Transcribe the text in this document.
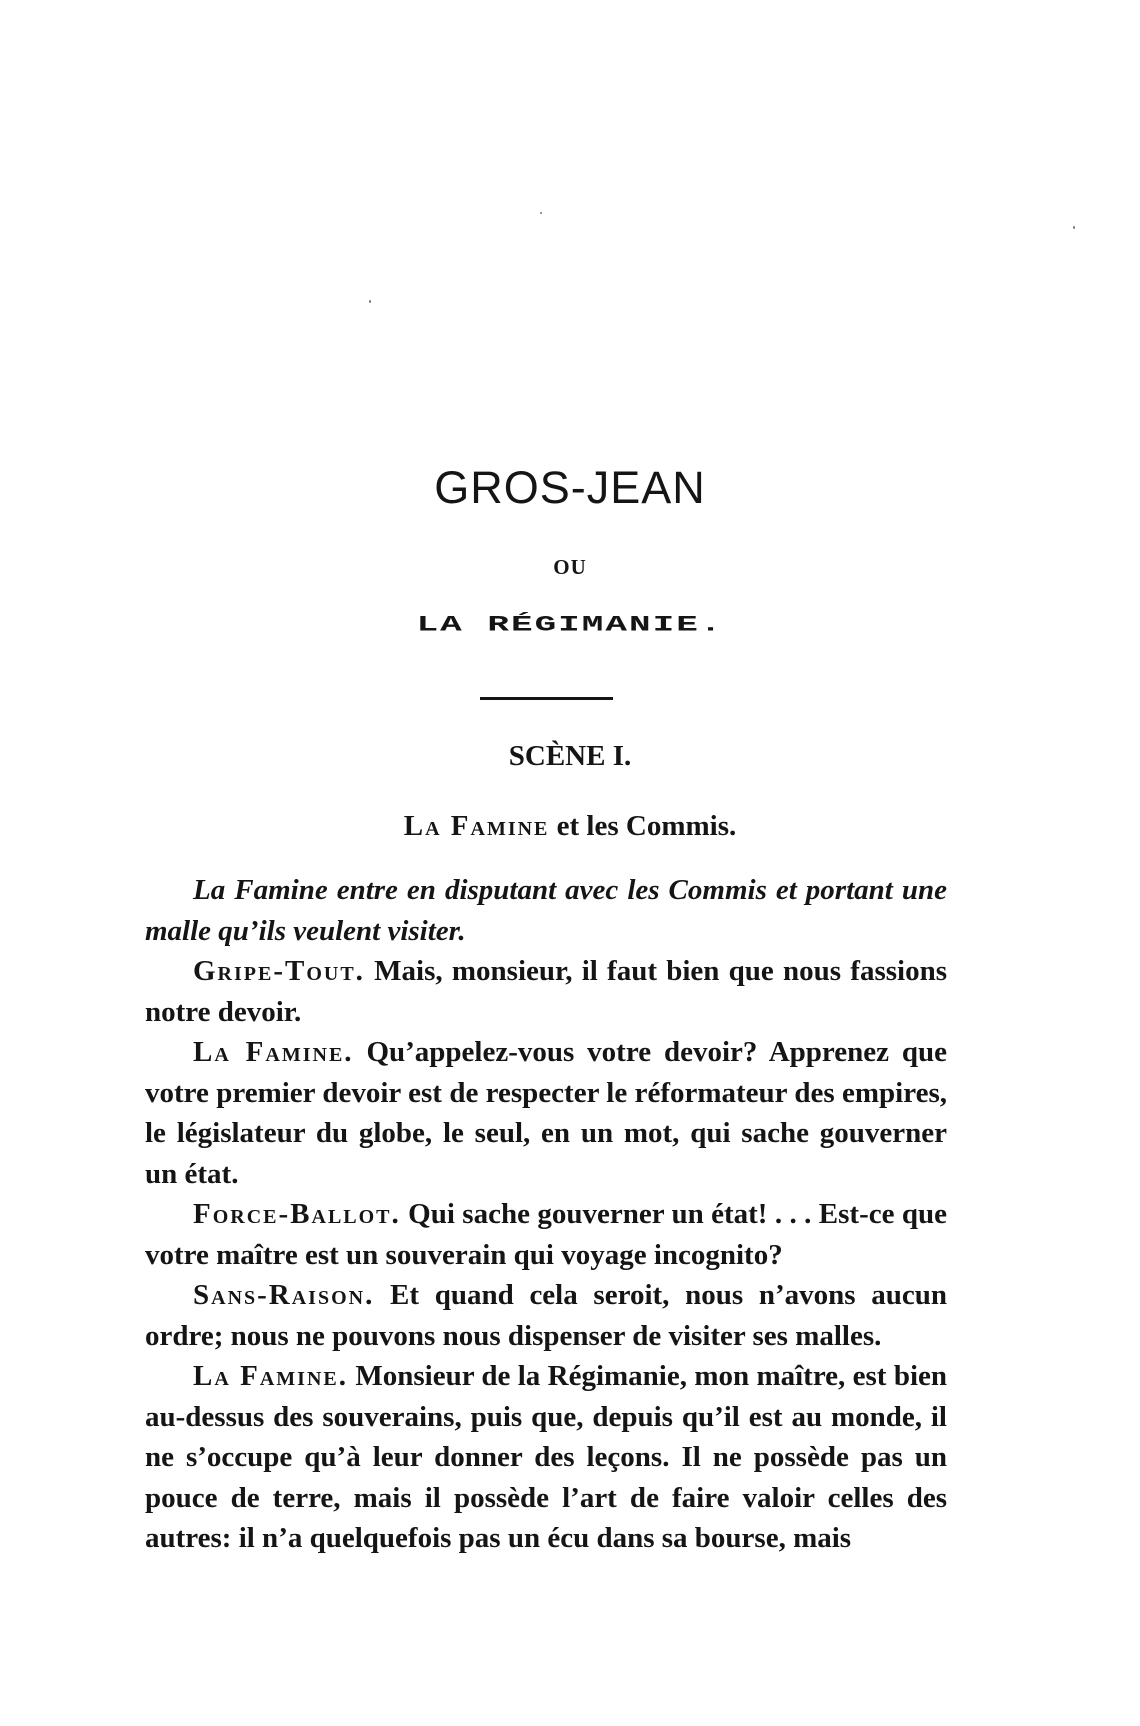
GROS-JEAN
OU
LA RÉGIMANIE.
SCÈNE I.
La Famine et les Commis.

La Famine entre en disputant avec les Commis et portant une malle qu’ils veulent visiter.

Gripe-Tout. Mais, monsieur, il faut bien que nous fassions notre devoir.

La Famine. Qu’appelez-vous votre devoir? Apprenez que votre premier devoir est de respecter le réformateur des empires, le législateur du globe, le seul, en un mot, qui sache gouverner un état.

Force-Ballot. Qui sache gouverner un état! . . . Est-ce que votre maître est un souverain qui voyage incognito?

Sans-Raison. Et quand cela seroit, nous n’avons aucun ordre; nous ne pouvons nous dispenser de visiter ses malles.

La Famine. Monsieur de la Régimanie, mon maître, est bien au-dessus des souverains, puis que, depuis qu’il est au monde, il ne s’occupe qu’à leur donner des leçons. Il ne possède pas un pouce de terre, mais il possède l’art de faire valoir celles des autres: il n’a quelquefois pas un écu dans sa bourse, mais
